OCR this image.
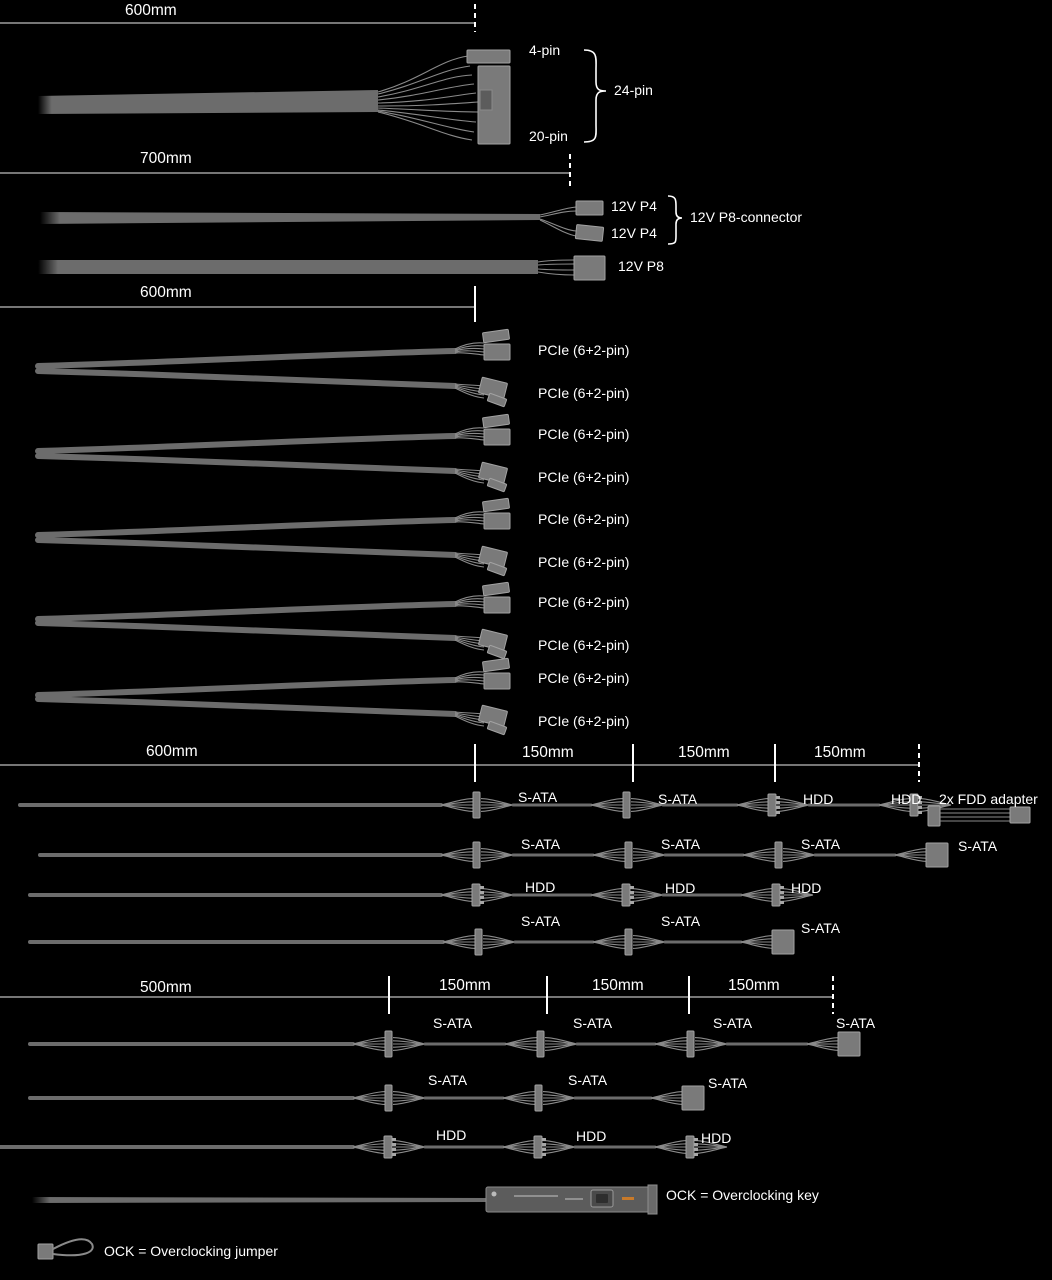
600mm
4-pin
24-pin
20-pin
700mm
12V P4
12V P4
12V P8-connector
12V P8
600mm
PCIe (6+2-pin)
PCIe (6+2-pin)
PCIe (6+2-pin)
PCIe (6+2-pin)
PCIe (6+2-pin)
PCIe (6+2-pin)
PCIe (6+2-pin)
PCIe (6+2-pin)
PCIe (6+2-pin)
PCIe (6+2-pin)
600mm	150mm	150mm	150mm
S-ATA	S-ATA	HDD	HDD 2x FDD adapter
S-ATA	S-ATA	S-ATA	S-ATA
HDD	HDD	HDD
S-ATA	S-ATA	S-ATA
500mm	150mm	150mm	150mm
S-ATA	S-ATA	S-ATA	S-ATA
S-ATA	S-ATA	S-ATA
HDD	HDD	HDD
OCK = Overclocking key
OCK = Overclocking jumper
